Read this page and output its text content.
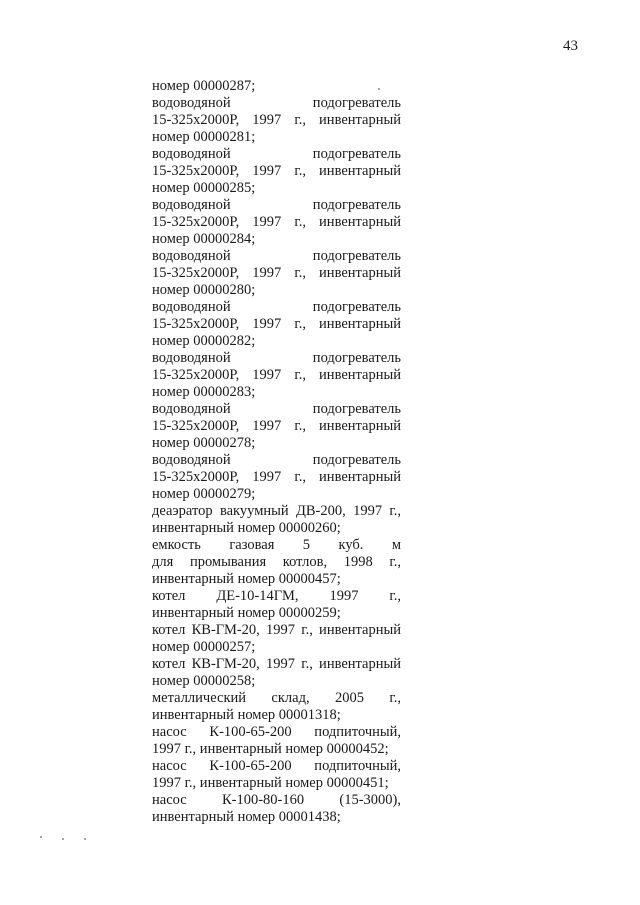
43
номер 00000287;
водоводяной подогреватель
15-325x2000Р, 1997 г., инвентарный
номер 00000281;
водоводяной подогреватель
15-325x2000Р, 1997 г., инвентарный
номер 00000285;
водоводяной подогреватель
15-325x2000Р, 1997 г., инвентарный
номер 00000284;
водоводяной подогреватель
15-325x2000Р, 1997 г., инвентарный
номер 00000280;
водоводяной подогреватель
15-325x2000Р, 1997 г., инвентарный
номер 00000282;
водоводяной подогреватель
15-325x2000Р, 1997 г., инвентарный
номер 00000283;
водоводяной подогреватель
15-325x2000Р, 1997 г., инвентарный
номер 00000278;
водоводяной подогреватель
15-325x2000Р, 1997 г., инвентарный
номер 00000279;
деаэратор вакуумный ДВ-200, 1997 г.,
инвентарный номер 00000260;
емкость газовая 5 куб. м
для промывания котлов, 1998 г.,
инвентарный номер 00000457;
котел ДЕ-10-14ГМ, 1997 г.,
инвентарный номер 00000259;
котел КВ-ГМ-20, 1997 г., инвентарный
номер 00000257;
котел КВ-ГМ-20, 1997 г., инвентарный
номер 00000258;
металлический склад, 2005 г.,
инвентарный номер 00001318;
насос К-100-65-200 подпиточный,
1997 г., инвентарный номер 00000452;
насос К-100-65-200 подпиточный,
1997 г., инвентарный номер 00000451;
насос К-100-80-160 (15-3000),
инвентарный номер 00001438;
